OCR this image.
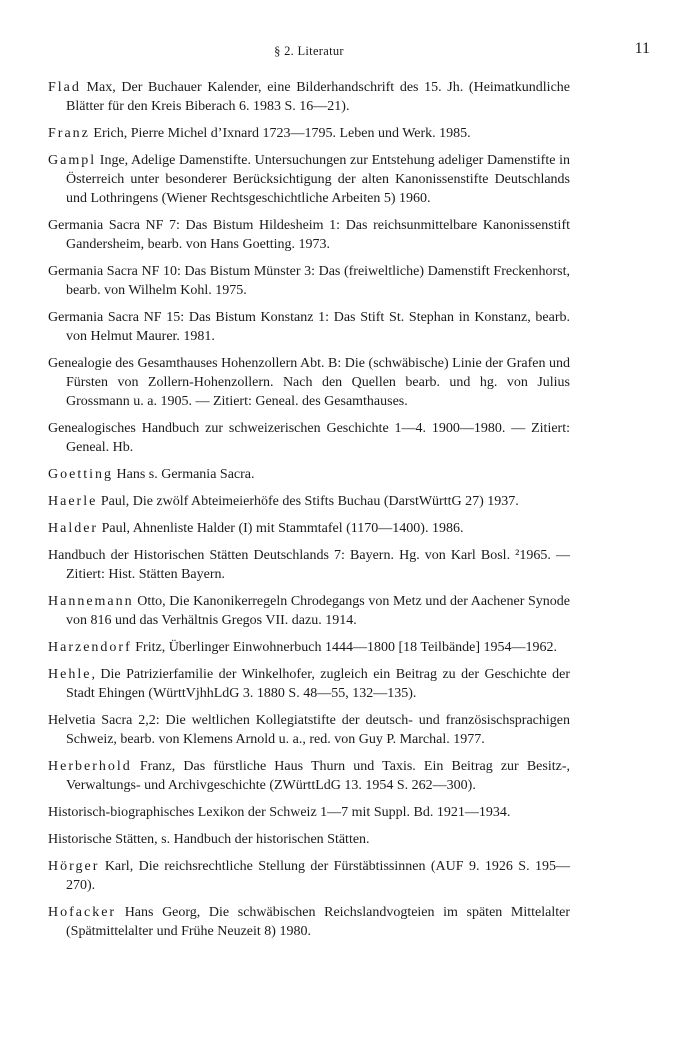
§ 2. Literatur	11

Flad Max, Der Buchauer Kalender, eine Bilderhandschrift des 15. Jh. (Heimatkundliche Blätter für den Kreis Biberach 6. 1983 S. 16—21).

Franz Erich, Pierre Michel d’Ixnard 1723—1795. Leben und Werk. 1985.

Gampl Inge, Adelige Damenstifte. Untersuchungen zur Entstehung adeliger Damenstifte in Österreich unter besonderer Berücksichtigung der alten Kanonissenstifte Deutschlands und Lothringens (Wiener Rechtsgeschichtliche Arbeiten 5) 1960.

Germania Sacra NF 7: Das Bistum Hildesheim 1: Das reichsunmittelbare Kanonissenstift Gandersheim, bearb. von Hans Goetting. 1973.

Germania Sacra NF 10: Das Bistum Münster 3: Das (freiweltliche) Damenstift Freckenhorst, bearb. von Wilhelm Kohl. 1975.

Germania Sacra NF 15: Das Bistum Konstanz 1: Das Stift St. Stephan in Konstanz, bearb. von Helmut Maurer. 1981.

Genealogie des Gesamthauses Hohenzollern Abt. B: Die (schwäbische) Linie der Grafen und Fürsten von Zollern-Hohenzollern. Nach den Quellen bearb. und hg. von Julius Grossmann u. a. 1905. — Zitiert: Geneal. des Gesamthauses.

Genealogisches Handbuch zur schweizerischen Geschichte 1—4. 1900—1980. — Zitiert: Geneal. Hb.

Goetting Hans s. Germania Sacra.

Haerle Paul, Die zwölf Abteimeierhöfe des Stifts Buchau (DarstWürttG 27) 1937.

Halder Paul, Ahnenliste Halder (I) mit Stammtafel (1170—1400). 1986.

Handbuch der Historischen Stätten Deutschlands 7: Bayern. Hg. von Karl Bosl. ²1965. — Zitiert: Hist. Stätten Bayern.

Hannemann Otto, Die Kanonikerregeln Chrodegangs von Metz und der Aachener Synode von 816 und das Verhältnis Gregos VII. dazu. 1914.

Harzendorf Fritz, Überlinger Einwohnerbuch 1444—1800 [18 Teilbände] 1954—1962.

Hehle, Die Patrizierfamilie der Winkelhofer, zugleich ein Beitrag zu der Geschichte der Stadt Ehingen (WürttVjhhLdG 3. 1880 S. 48—55, 132—135).

Helvetia Sacra 2,2: Die weltlichen Kollegiatstifte der deutsch- und französischsprachigen Schweiz, bearb. von Klemens Arnold u. a., red. von Guy P. Marchal. 1977.

Herberhold Franz, Das fürstliche Haus Thurn und Taxis. Ein Beitrag zur Besitz-, Verwaltungs- und Archivgeschichte (ZWürttLdG 13. 1954 S. 262—300).

Historisch-biographisches Lexikon der Schweiz 1—7 mit Suppl. Bd. 1921—1934.

Historische Stätten, s. Handbuch der historischen Stätten.

Hörger Karl, Die reichsrechtliche Stellung der Fürstäbtissinnen (AUF 9. 1926 S. 195—270).

Hofacker Hans Georg, Die schwäbischen Reichslandvogteien im späten Mittelalter (Spätmittelalter und Frühe Neuzeit 8) 1980.
